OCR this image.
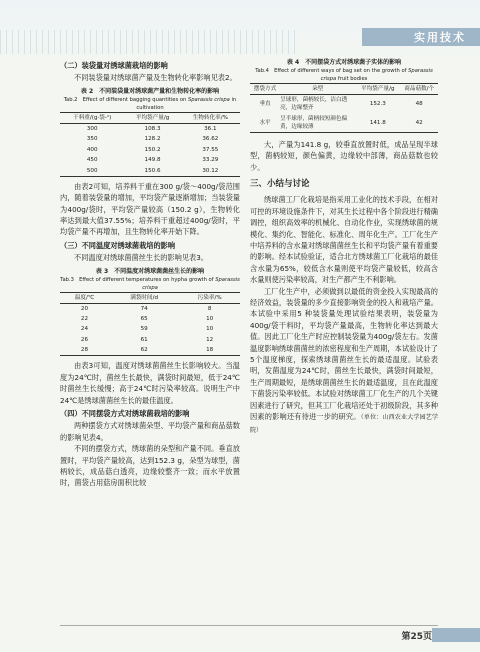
实用技术
（二）装袋量对绣球菌栽培的影响
不同装袋量对绣球菌产量及生物转化率影响见表2。
表 2　不同装袋量对绣球菌产量和生物转化率的影响
Tab.2　Effect of different bagging quantities on Sparassis crispa in cultivation
干料重/(g·袋-¹)	平均袋产量/g	生物转化率/%
300	108.3	36.1
350	128.2	36.62
400	150.2	37.55
450	149.8	33.29
500	150.6	30.12
由表2可知，培养料干重在300 g/袋～400g/袋范围内，随着装袋量的增加，平均袋产量逐渐增加；当装袋量为400g/袋时，平均袋产量较高（150.2 g），生物转化率达到最大值37.55%；培养料干重超过400g/袋时，平均袋产量不再增加，且生物转化率开始下降。
（三）不同温度对绣球菌栽培的影响
不同温度对绣球菌菌丝生长的影响见表3。
表 3　不同温度对绣球菌菌丝生长的影响
Tab.3　Effect of different temperatures on hypha growth of Sparassis crispa
温度/℃	满袋时间/d	污染率/%
20	74	8
22	65	10
24	59	10
26	61	12
28	62	18
由表3可知，温度对绣球菌菌丝生长影响较大。当温度为24℃时，菌丝生长最快，满袋时间最短，低于24℃时菌丝生长缓慢；高于24℃时污染率较高。说明生产中24℃是绣球菌菌丝生长的最佳温度。
（四）不同摆袋方式对绣球菌栽培的影响
两种摆袋方式对绣球菌朵型、平均袋产量和商品菇数的影响见表4。
不同的摆袋方式，绣球菌的朵型和产量不同。垂直放置时，平均袋产量较高，达到152.3 g，朵型为球型，菌柄较长，成品菇白透亮，边缘较整齐一致；而水平放置时，菌袋占用菇房面积比较
表 4　不同摆袋方式对绣球菌子实体的影响
Tab.4　Effect of different ways of bag set on the growth of Sparassis crispa fruit bodies
摆袋方式	朵型	平均袋产量/g	商品菇数/个
垂直	呈球形，菌柄较长，洁白透亮，边缘整齐	152.3	48
水平	呈半球形，菌柄较短颜色偏黄，边缘较薄	141.8	42
大，产量为141.8 g，较垂直放置时低，成品呈现半球型，菌柄较短，颜色偏黄，边缘较中部薄，商品菇数也较少。
三、小结与讨论
绣球菌工厂化栽培是指采用工业化的技术手段，在相对可控的环境设施条件下，对其生长过程中各个阶段进行精确调控，组织高效率的机械化、自动化作业，实现绣球菌的规模化、集约化、智能化、标准化、周年化生产。工厂化生产中培养料的含水量对绣球菌菌丝生长和平均袋产量有着重要的影响。经本试验验证，适合北方绣球菌工厂化栽培的最佳含水量为65%，较低含水量则使平均袋产量较低，较高含水量则使污染率较高，对生产都产生不利影响。
工厂化生产中，必须做到以最低的资金投入实现最高的经济效益，装袋量的多少直接影响资金的投入和栽培产量。本试验中采用5 种装袋量处理试验结果表明，装袋量为400g/袋干料时，平均袋产量最高，生物转化率达到最大值。因此工厂化生产时应控制装袋量为400g/袋左右。发菌温度影响绣球菌菌丝的浓密程度和生产周期，本试验设计了5个温度梯度，探索绣球菌菌丝生长的最适温度。试验表明，发菌温度为24℃时，菌丝生长最快，满袋时间最短，生产周期最短，是绣球菌菌丝生长的最适温度，且在此温度下菌袋污染率较低。本试验对绣球菌工厂化生产的几个关键因素进行了研究，但其工厂化栽培还处于初级阶段，其多种因素的影响还有待进一步的研究。（单位：山西农业大学园艺学院）
第25页
